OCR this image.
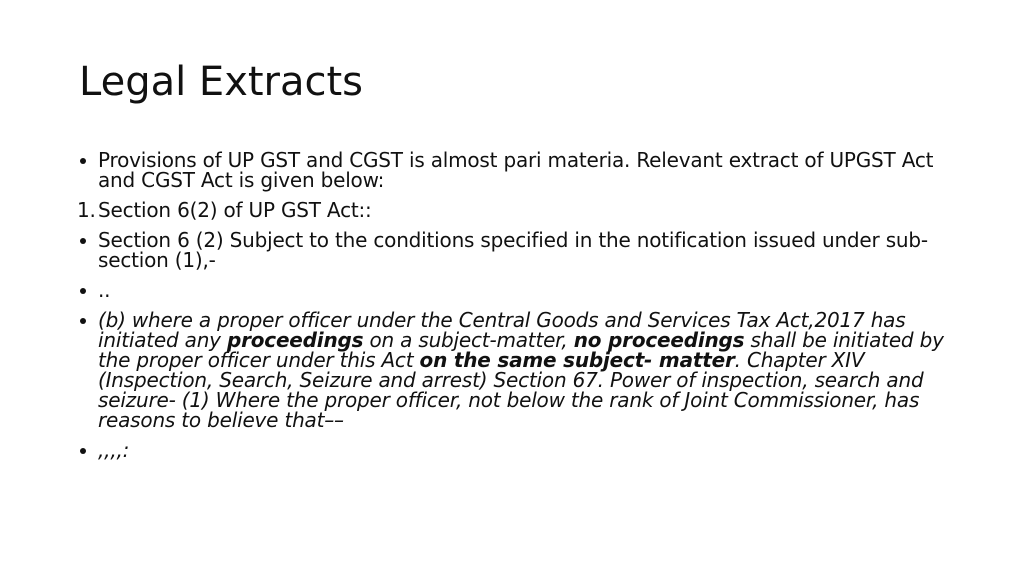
Legal Extracts
Provisions of UP GST and CGST is almost pari materia. Relevant extract of UPGST Act and CGST Act is given below:
1. Section 6(2) of UP GST Act::
Section 6 (2) Subject to the conditions specified in the notification issued under sub-section (1),-
..
(b) where a proper officer under the Central Goods and Services Tax Act,2017 has initiated any proceedings on a subject-matter, no proceedings shall be initiated by the proper officer under this Act on the same subject- matter. Chapter XIV (Inspection, Search, Seizure and arrest) Section 67. Power of inspection, search and seizure- (1) Where the proper officer, not below the rank of Joint Commissioner, has reasons to believe that––
,,,,:
